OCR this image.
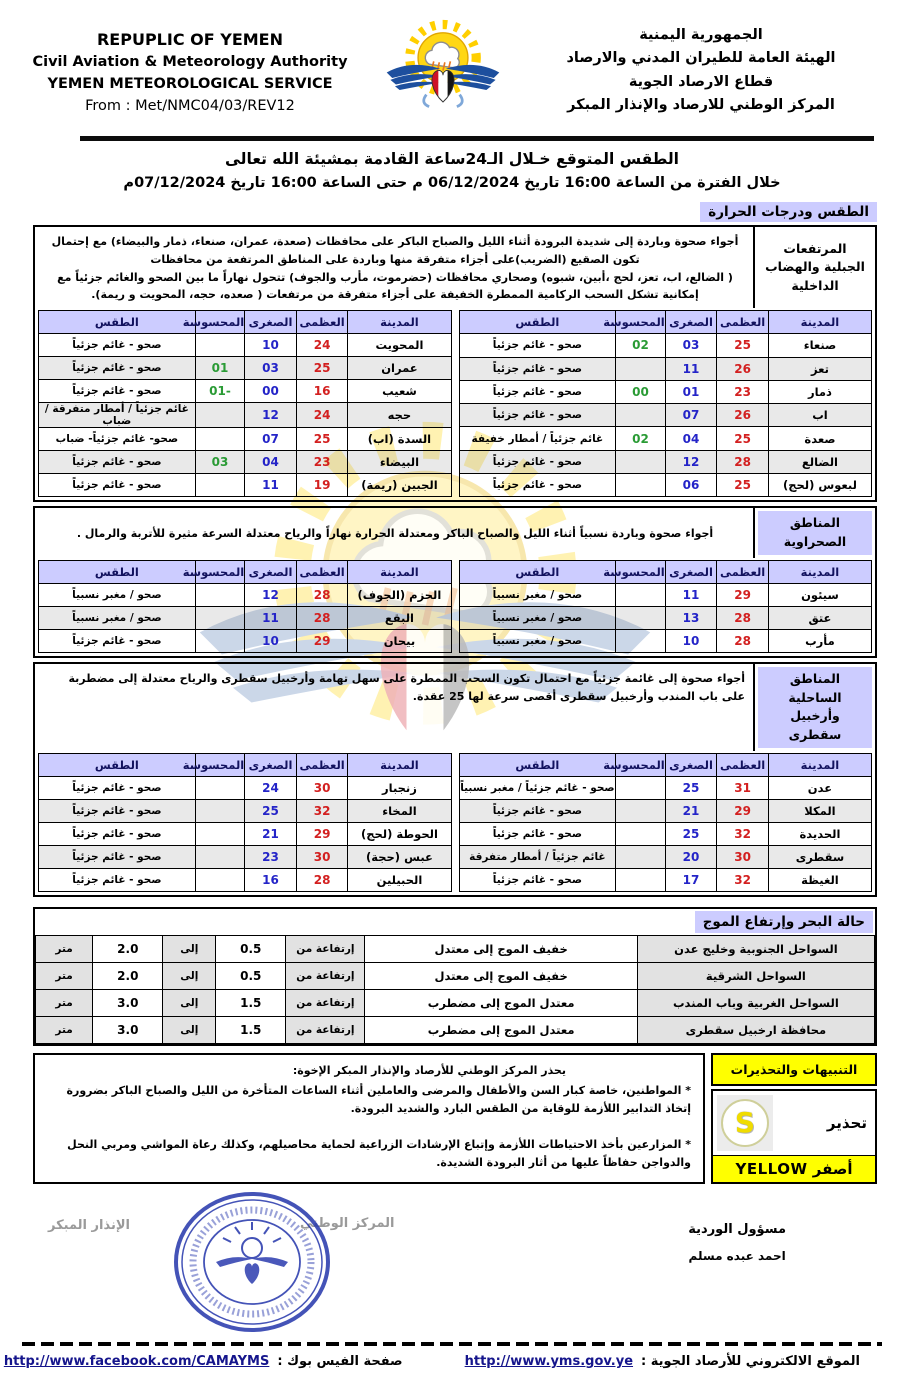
الجمهورية اليمنية
الهيئة العامة للطيران المدني والارصاد
قطاع الارصاد الجوية
المركز الوطني للارصاد والإنذار المبكر
REPUPLIC OF YEMEN
Civil Aviation & Meteorology Authority
YEMEN METEOROLOGICAL SERVICE
From : Met/NMC04/03/REV12
الطقس المتوقع خـلال الـ24ساعة القادمة بمشيئة الله تعالى
خلال الفترة من الساعة 16:00 تاريخ 06/12/2024 م حتى الساعة 16:00 تاريخ 07/12/2024م
الطقس ودرجات الحرارة
المرتفعات الجبلية والهضاب الداخلية

أجواء صحوة وباردة إلى شديدة البرودة أثناء الليل والصباح الباكر على محافظات (صعدة، عمران، صنعاء، ذمار والبيضاء) مع إحتمال تكون الصقيع (الضريب)على أجزاء متفرقة منها وباردة على المناطق المرتفعة من محافظات

( الضالع، اب، تعز، لحج ،أبين، شبوه) وصحاري محافظات (حضرموت، مأرب والجوف) تتحول نهاراً ما بين الصحو والغائم جزئياً مع إمكانية تشكل السحب الركامية الممطرة الخفيفة على أجزاء متفرقة من مرتفعات ( صعده، حجه، المحويت و ريمة).

المدينة	العظمى	الصغرى	المحسوسة	الطقس
صنعاء	25	03	02	صحو - غائم جزئياً
تعز	26	11		صحو - غائم جزئياً
ذمار	23	01	00	صحو - غائم جزئياً
اب	26	07		صحو - غائم جزئياً
صعدة	25	04	02	غائم جزئياً / أمطار خفيفة
الضالع	28	12		صحو - غائم جزئياً
لبعوس (لحج)	25	06		صحو - غائم جزئياً
المدينة	العظمى	الصغرى	المحسوسة	الطقس
المحويت	24	10		صحو - غائم جزئياً
عمران	25	03	01	صحو - غائم جزئياً
شعيب	16	00	01-	صحو - غائم جزئياً
حجه	24	12		غائم جزئياً / أمطار متفرقة / ضباب
السدة (اب)	25	07		صحو- غائم جزئياً- ضباب
البيضاء	23	04	03	صحو - غائم جزئياً
الجبين (ريمة)	19	11		صحو - غائم جزئياً
المناطق الصحراوية

أجواء صحوة وباردة نسبياً أثناء الليل والصباح الباكر ومعتدلة الحرارة نهاراً والرياح معتدلة السرعة مثيرة للأتربة والرمال .

المدينة	العظمى	الصغرى	المحسوسة	الطقس
سيئون	29	11		صحو / مغبر نسبياً
عتق	28	13		صحو / مغبر نسبياً
مأرب	28	10		صحو / مغبر نسبياً
المدينة	العظمى	الصغرى	المحسوسة	الطقس
الحزم (الجوف)	28	12		صحو / مغبر نسبياً
البقع	28	11		صحو / مغبر نسبياً
بيحان	29	10		صحو - غائم جزئياً
المناطق الساحلية وأرخبيل سقطرى

أجواء صحوة إلى غائمة جزئياً مع احتمال تكون السحب الممطرة على سهل تهامة وأرخبيل سقطرى والرياح معتدلة إلى مضطربة على باب المندب وأرخبيل سقطرى أقصى سرعة لها 25 عقدة.

المدينة	العظمى	الصغرى	المحسوسة	الطقس
عدن	31	25		صحو - غائم جزئياً / مغبر نسبياً
المكلا	29	21		صحو - غائم جزئياً
الحديدة	32	25		صحو - غائم جزئياً
سقطرى	30	20		غائم جزئياً / أمطار متفرقة
الغيظة	32	17		صحو - غائم جزئياً
المدينة	العظمى	الصغرى	المحسوسة	الطقس
زنجبار	30	24		صحو - غائم جزئياً
المخاء	32	25		صحو - غائم جزئياً
الحوطة (لحج)	29	21		صحو - غائم جزئياً
عبس (حجة)	30	23		صحو - غائم جزئياً
الحبيلين	28	16		صحو - غائم جزئياً
حالة البحر وإرتفاع الموج
السواحل الجنوبية وخليج عدن	خفيف الموج إلى معتدل	إرتفاعة من	0.5	إلى	2.0	متر
السواحل الشرقية	خفيف الموج إلى معتدل	إرتفاعة من	0.5	إلى	2.0	متر
السواحل الغربية وباب المندب	معتدل الموج إلى مضطرب	إرتفاعة من	1.5	إلى	3.0	متر
محافظة ارخبيل سقطرى	معتدل الموج إلى مضطرب	إرتفاعة من	1.5	إلى	3.0	متر
التنبيهات والتحذيرات
تحذير
S
أصفر YELLOW

يحذر المركز الوطني للأرصاد والإنذار المبكر الإخوة:

* المواطنين، خاصة كبار السن والأطفال والمرضى والعاملين أثناء الساعات المتأخرة من الليل والصباح الباكر بضرورة إتخاذ التدابير اللأزمة للوقاية من الطقس البارد والشديد البرودة.

* المزارعين بأخذ الاحتياطات اللأزمة وإتباع الإرشادات الزراعية لحماية محاصيلهم، وكذلك رعاة المواشي ومربي النحل والدواجن حفاظاً عليها من أثار البرودة الشديدة.

مسؤول الوردية
احمد عبده مسلم
المركز الوطني
الإنذار المبكر
الموقع الالكتروني للأرصاد الجوية :
http://www.yms.gov.ye
صفحة الفيس بوك :
http://www.facebook.com/CAMAYMS
